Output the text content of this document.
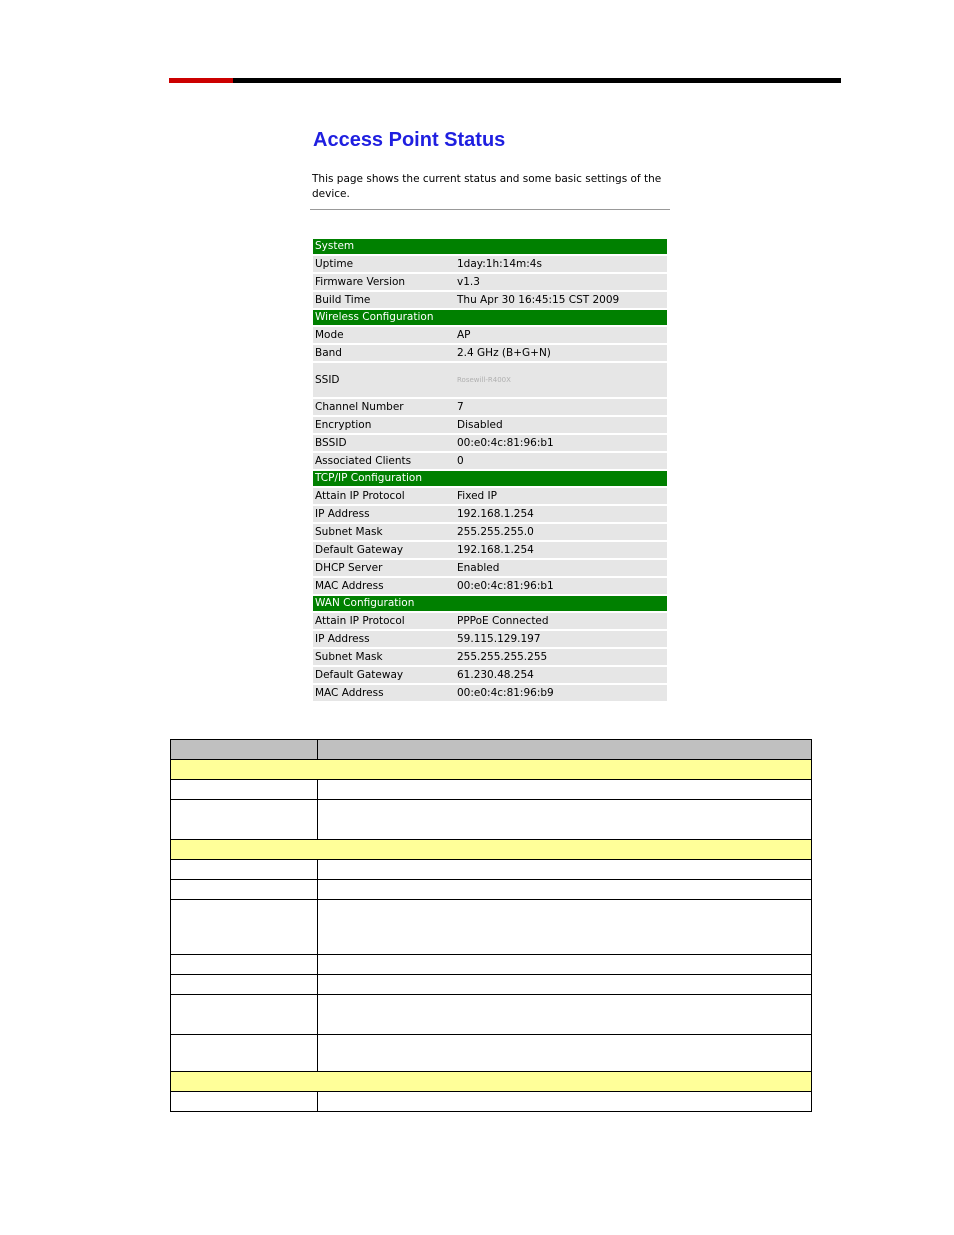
Access Point Status

This page shows the current status and some basic settings of the device.

System	
Uptime	1day:1h:14m:4s
Firmware Version	v1.3
Build Time	Thu Apr 30 16:45:15 CST 2009
Wireless Configuration	
Mode	AP
Band	2.4 GHz (B+G+N)
SSID	Rosewill-R400X
Channel Number	7
Encryption	Disabled
BSSID	00:e0:4c:81:96:b1
Associated Clients	0
TCP/IP Configuration	
Attain IP Protocol	Fixed IP
IP Address	192.168.1.254
Subnet Mask	255.255.255.0
Default Gateway	192.168.1.254
DHCP Server	Enabled
MAC Address	00:e0:4c:81:96:b1
WAN Configuration	
Attain IP Protocol	PPPoE Connected
IP Address	59.115.129.197
Subnet Mask	255.255.255.255
Default Gateway	61.230.48.254
MAC Address	00:e0:4c:81:96:b9
